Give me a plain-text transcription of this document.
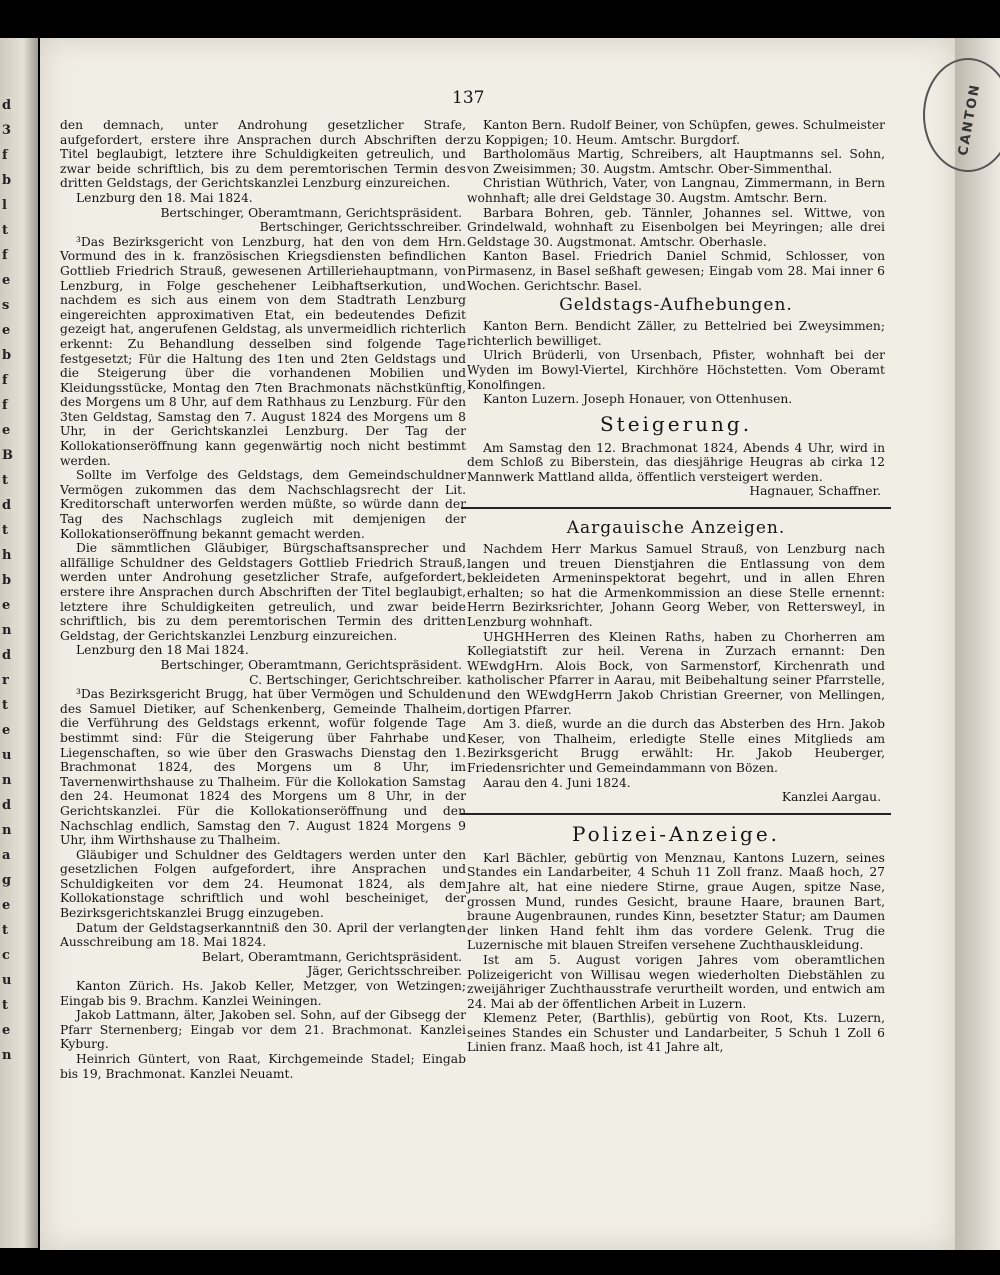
d
3
f
b
l
t
f
e
s
e
b
f
f
e
B
t
d
t
h
b
e
n
d
r
t
e
u
n
d
n
a
g
e
t
c
u
t
e
n
137

den demnach, unter Androhung gesetzlicher Strafe, aufgefordert, erstere ihre Ansprachen durch Abschriften der Titel beglaubigt, letztere ihre Schuldigkeiten getreulich, und zwar beide schriftlich, bis zu dem peremtorischen Termin des dritten Geldstags, der Gerichtskanzlei Lenzburg einzureichen.

Lenzburg den 18. Mai 1824.

Bertschinger, Oberamtmann, Gerichtspräsident.

Bertschinger, Gerichtsschreiber.

³Das Bezirksgericht von Lenzburg, hat den von dem Hrn. Vormund des in k. französischen Kriegsdiensten befindlichen Gottlieb Friedrich Strauß, gewesenen Artilleriehauptmann, von Lenzburg, in Folge geschehener Leibhaftserkution, und nachdem es sich aus einem von dem Stadtrath Lenzburg eingereichten approximativen Etat, ein bedeutendes Defizit gezeigt hat, angerufenen Geldstag, als unvermeidlich richterlich erkennt: Zu Behandlung desselben sind folgende Tage festgesetzt; Für die Haltung des 1ten und 2ten Geldstags und die Steigerung über die vorhandenen Mobilien und Kleidungsstücke, Montag den 7ten Brachmonats nächstkünftig, des Morgens um 8 Uhr, auf dem Rathhaus zu Lenzburg. Für den 3ten Geldstag, Samstag den 7. August 1824 des Morgens um 8 Uhr, in der Gerichtskanzlei Lenzburg. Der Tag der Kollokationseröffnung kann gegenwärtig noch nicht bestimmt werden.

Sollte im Verfolge des Geldstags, dem Gemeindschuldner Vermögen zukommen das dem Nachschlagsrecht der Lit. Kreditorschaft unterworfen werden müßte, so würde dann der Tag des Nachschlags zugleich mit demjenigen der Kollokationseröffnung bekannt gemacht werden.

Die sämmtlichen Gläubiger, Bürgschaftsansprecher und allfällige Schuldner des Geldstagers Gottlieb Friedrich Strauß, werden unter Androhung gesetzlicher Strafe, aufgefordert, erstere ihre Ansprachen durch Abschriften der Titel beglaubigt, letztere ihre Schuldigkeiten getreulich, und zwar beide schriftlich, bis zu dem peremtorischen Termin des dritten Geldstag, der Gerichtskanzlei Lenzburg einzureichen.

Lenzburg den 18 Mai 1824.

Bertschinger, Oberamtmann, Gerichtspräsident.

C. Bertschinger, Gerichtschreiber.

³Das Bezirksgericht Brugg, hat über Vermögen und Schulden des Samuel Dietiker, auf Schenkenberg, Gemeinde Thalheim, die Verführung des Geldstags erkennt, wofür folgende Tage bestimmt sind: Für die Steigerung über Fahrhabe und Liegenschaften, so wie über den Graswachs Dienstag den 1. Brachmonat 1824, des Morgens um 8 Uhr, im Tavernenwirthshause zu Thalheim. Für die Kollokation Samstag den 24. Heumonat 1824 des Morgens um 8 Uhr, in der Gerichtskanzlei. Für die Kollokationseröffnung und den Nachschlag endlich, Samstag den 7. August 1824 Morgens 9 Uhr, ihm Wirthshause zu Thalheim.

Gläubiger und Schuldner des Geldtagers werden unter den gesetzlichen Folgen aufgefordert, ihre Ansprachen und Schuldigkeiten vor dem 24. Heumonat 1824, als dem Kollokationstage schriftlich und wohl bescheiniget, der Bezirksgerichtskanzlei Brugg einzugeben.

Datum der Geldstagserkanntniß den 30. April der verlangten Ausschreibung am 18. Mai 1824.

Belart, Oberamtmann, Gerichtspräsident.

Jäger, Gerichtsschreiber.

Kanton Zürich. Hs. Jakob Keller, Metzger, von Wetzingen; Eingab bis 9. Brachm. Kanzlei Weiningen.

Jakob Lattmann, älter, Jakoben sel. Sohn, auf der Gibsegg der Pfarr Sternenberg; Eingab vor dem 21. Brachmonat. Kanzlei Kyburg.

Heinrich Güntert, von Raat, Kirchgemeinde Stadel; Eingab bis 19, Brachmonat. Kanzlei Neuamt.

Kanton Bern. Rudolf Beiner, von Schüpfen, gewes. Schulmeister zu Koppigen; 10. Heum. Amtschr. Burgdorf.

Bartholomäus Martig, Schreibers, alt Hauptmanns sel. Sohn, von Zweisimmen; 30. Augstm. Amtschr. Ober-Simmenthal.

Christian Wüthrich, Vater, von Langnau, Zimmermann, in Bern wohnhaft; alle drei Geldstage 30. Augstm. Amtschr. Bern.

Barbara Bohren, geb. Tännler, Johannes sel. Wittwe, von Grindelwald, wohnhaft zu Eisenbolgen bei Meyringen; alle drei Geldstage 30. Augstmonat. Amtschr. Oberhasle.

Kanton Basel. Friedrich Daniel Schmid, Schlosser, von Pirmasenz, in Basel seßhaft gewesen; Eingab vom 28. Mai inner 6 Wochen. Gerichtschr. Basel.

Geldstags-Aufhebungen.

Kanton Bern. Bendicht Zäller, zu Bettelried bei Zweysimmen; richterlich bewilliget.

Ulrich Brüderli, von Ursenbach, Pfister, wohnhaft bei der Wyden im Bowyl-Viertel, Kirchhöre Höchstetten. Vom Oberamt Konolfingen.

Kanton Luzern. Joseph Honauer, von Ottenhusen.

Steigerung.

Am Samstag den 12. Brachmonat 1824, Abends 4 Uhr, wird in dem Schloß zu Biberstein, das diesjährige Heugras ab cirka 12 Mannwerk Mattland allda, öffentlich versteigert werden.

Hagnauer, Schaffner.

Aargauische Anzeigen.

Nachdem Herr Markus Samuel Strauß, von Lenzburg nach langen und treuen Dienstjahren die Entlassung von dem bekleideten Armeninspektorat begehrt, und in allen Ehren erhalten; so hat die Armenkommission an diese Stelle ernennt: Herrn Bezirksrichter, Johann Georg Weber, von Rettersweyl, in Lenzburg wohnhaft.

UHGHHerren des Kleinen Raths, haben zu Chorherren am Kollegiatstift zur heil. Verena in Zurzach ernannt: Den WEwdgHrn. Alois Bock, von Sarmenstorf, Kirchenrath und katholischer Pfarrer in Aarau, mit Beibehaltung seiner Pfarrstelle, und den WEwdgHerrn Jakob Christian Greerner, von Mellingen, dortigen Pfarrer.

Am 3. dieß, wurde an die durch das Absterben des Hrn. Jakob Keser, von Thalheim, erledigte Stelle eines Mitglieds am Bezirksgericht Brugg erwählt: Hr. Jakob Heuberger, Friedensrichter und Gemeindammann von Bözen.

Aarau den 4. Juni 1824.

Kanzlei Aargau.

Polizei-Anzeige.

Karl Bächler, gebürtig von Menznau, Kantons Luzern, seines Standes ein Landarbeiter, 4 Schuh 11 Zoll franz. Maaß hoch, 27 Jahre alt, hat eine niedere Stirne, graue Augen, spitze Nase, grossen Mund, rundes Gesicht, braune Haare, braunen Bart, braune Augenbraunen, rundes Kinn, besetzter Statur; am Daumen der linken Hand fehlt ihm das vordere Gelenk. Trug die Luzernische mit blauen Streifen versehene Zuchthauskleidung.

Ist am 5. August vorigen Jahres vom oberamtlichen Polizeigericht von Willisau wegen wiederholten Diebstählen zu zweijähriger Zuchthausstrafe verurtheilt worden, und entwich am 24. Mai ab der öffentlichen Arbeit in Luzern.

Klemenz Peter, (Barthlis), gebürtig von Root, Kts. Luzern, seines Standes ein Schuster und Landarbeiter, 5 Schuh 1 Zoll 6 Linien franz. Maaß hoch, ist 41 Jahre alt,

CANTON
